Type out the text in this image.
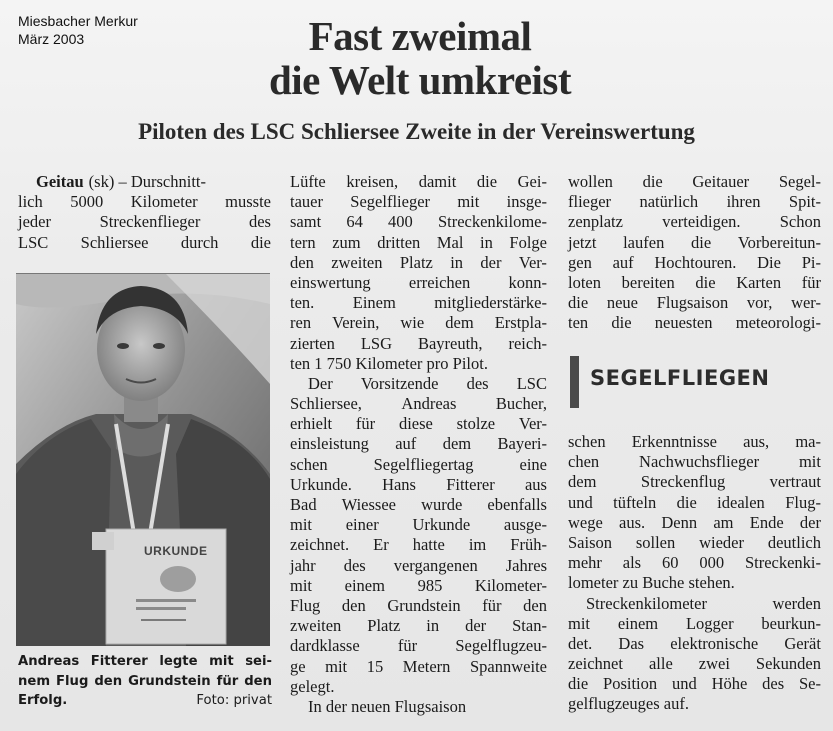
Miesbacher Merkur
März 2003	Fast zweimal
die Welt umkreist
Piloten des LSC Schliersee Zweite in der Vereinswertung
Geitau (sk) – Durschnitt-
lich 5000 Kilometer musste
jeder	Streckenflieger	des
LSC Schliersee durch die
Lüfte kreisen, damit die Gei-
tauer Segelflieger mit insge-
samt 64 400 Streckenkilome-
tern zum dritten Mal in Folge
den zweiten Platz in der Ver-
einswertung erreichen konn-
ten. Einem mitgliederstärke-
ren Verein, wie dem Erstpla-
zierten LSG Bayreuth, reich-
ten 1 750 Kilometer pro Pilot.
Der Vorsitzende des LSC
Schliersee, Andreas Bucher,
erhielt für diese stolze Ver-
einsleistung auf dem Bayeri-
schen	Segelfliegertag	eine
Urkunde. Hans Fitterer aus
Bad Wiessee wurde ebenfalls
mit einer Urkunde ausge-
zeichnet. Er hatte im Früh-
jahr des vergangenen Jahres
mit einem 985 Kilometer-
Flug den Grundstein für den
zweiten Platz in der Stan-
dardklasse für Segelflugzeu-
ge mit 15 Metern Spannweite
gelegt.
In der neuen Flugsaison
wollen die Geitauer Segel-
flieger natürlich ihren Spit-
zenplatz verteidigen. Schon
jetzt laufen die Vorbereitun-
gen auf Hochtouren. Die Pi-
loten bereiten die Karten für
die neue Flugsaison vor, wer-
ten die neuesten meteorologi-
SEGELFLIEGEN
schen Erkenntnisse aus, ma-
chen Nachwuchsflieger mit
dem	Streckenflug	vertraut
und tüfteln die idealen Flug-
wege aus. Denn am Ende der
Saison sollen wieder deutlich
mehr als 60 000 Streckenki-
lometer zu Buche stehen.
Streckenkilometer	werden
mit einem Logger beurkun-
det. Das elektronische Gerät
zeichnet alle zwei Sekunden
die Position und Höhe des Se-
gelflugzeuges auf.
URKUNDE
Andreas Fitterer legte mit sei-
nem Flug den Grundstein für den
Erfolg.	Foto: privat
